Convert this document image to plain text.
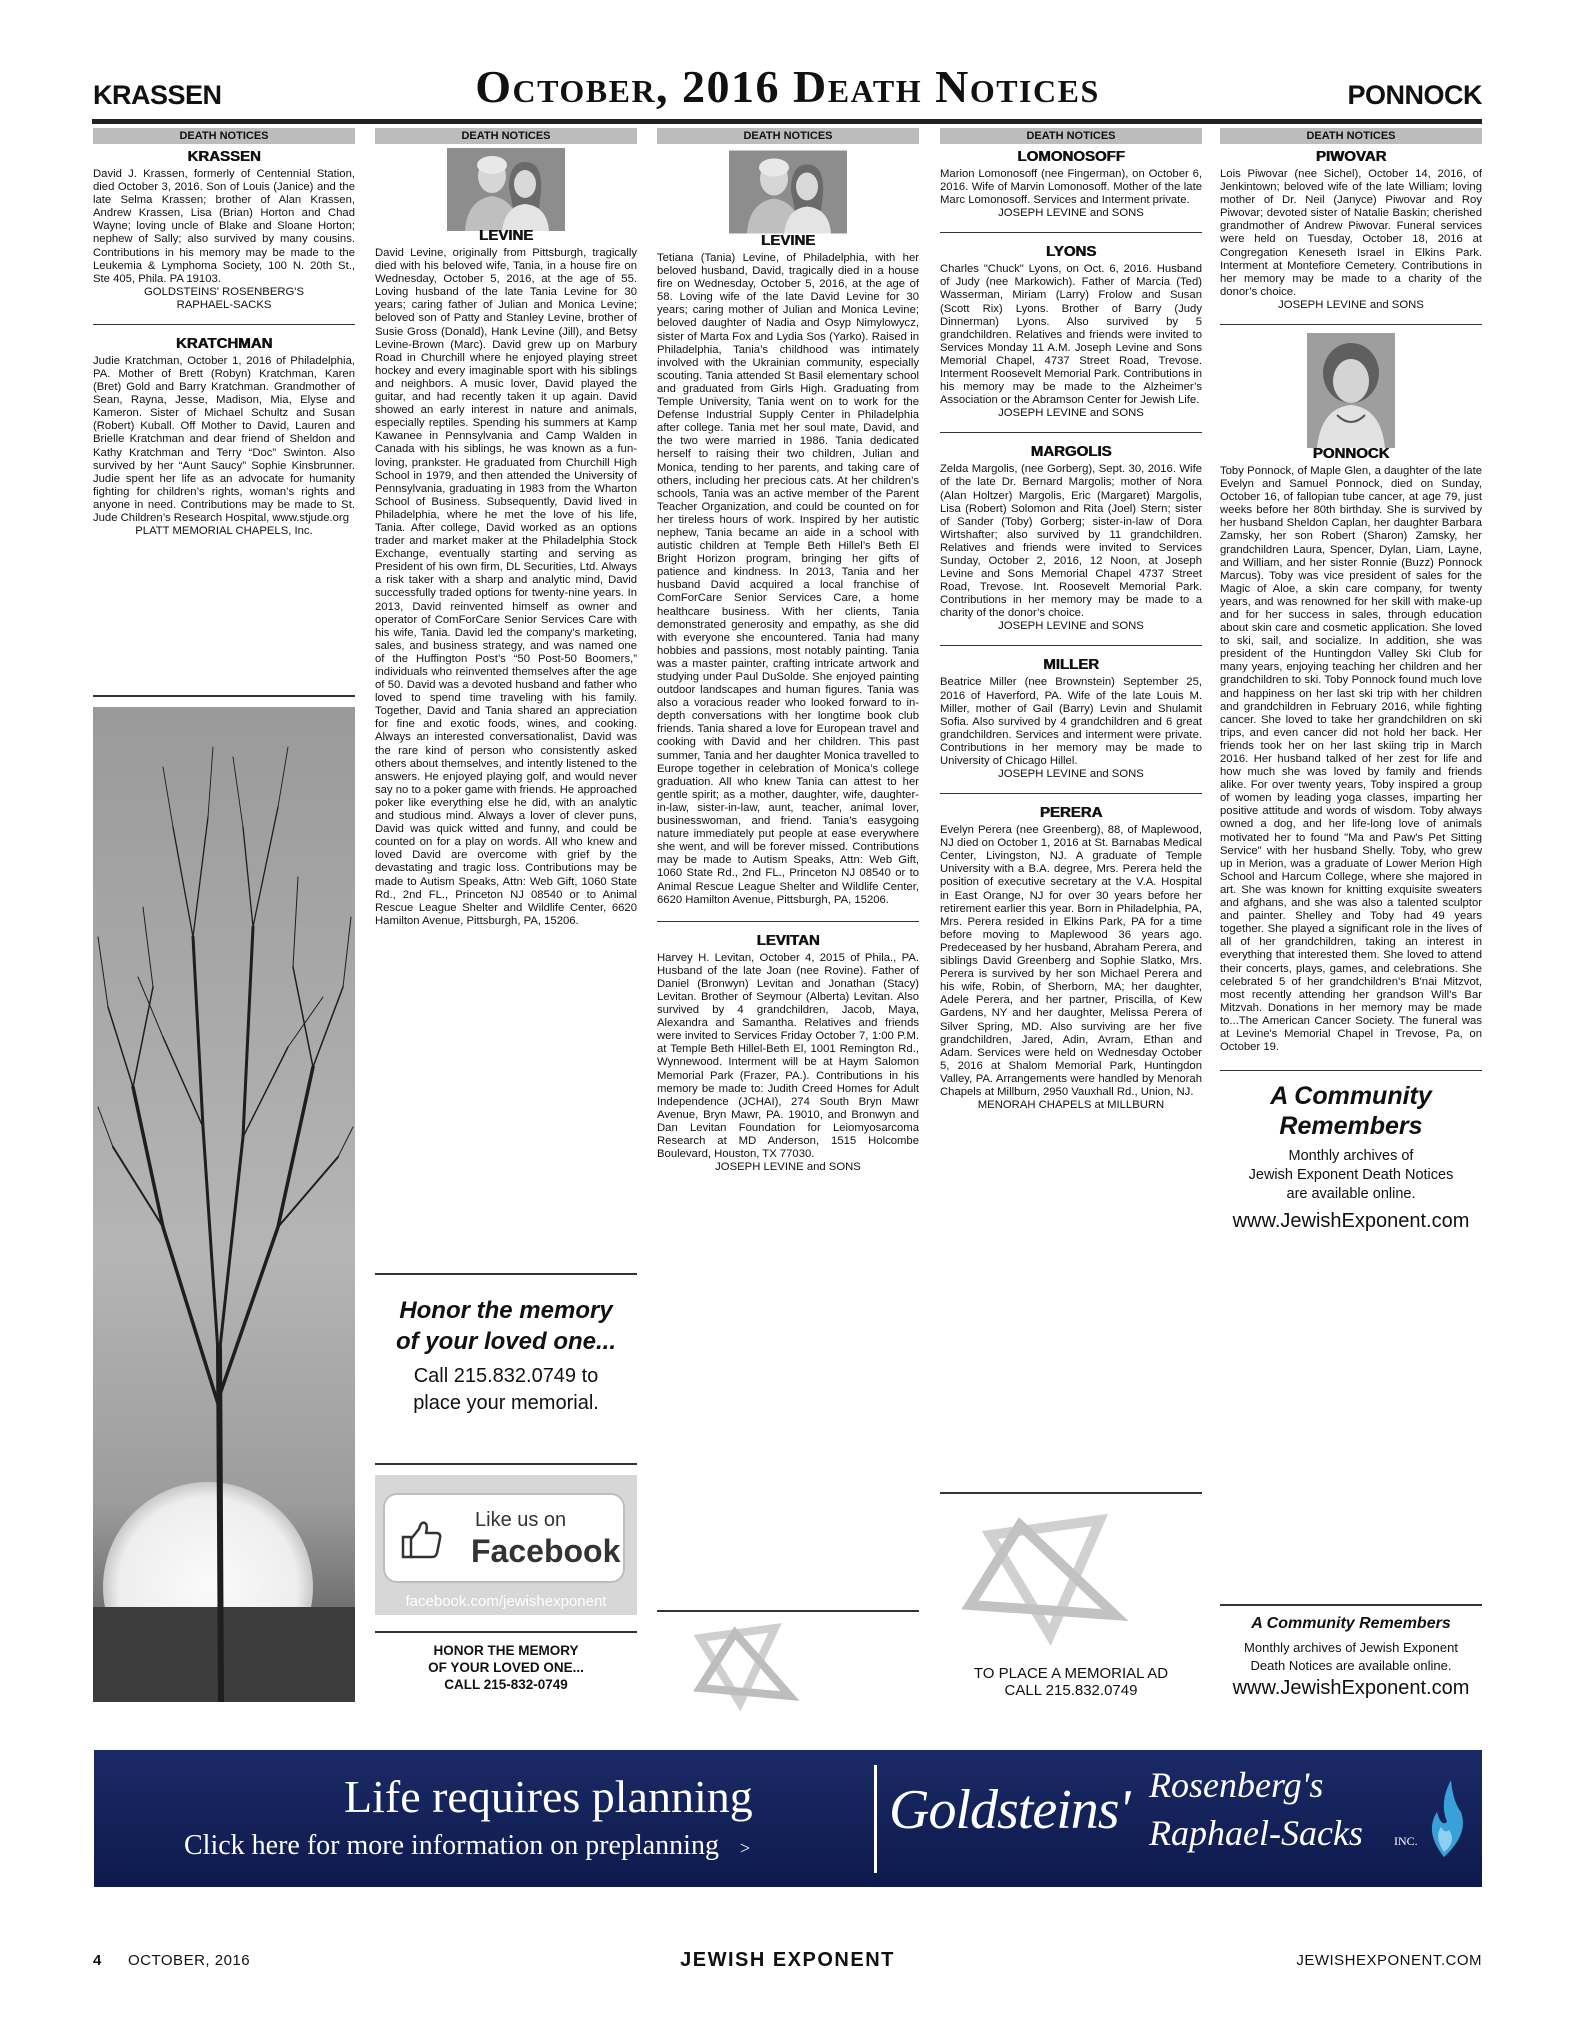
KRASSEN	October, 2016 Death Notices	PONNOCK
DEATH NOTICES
KRASSEN
David J. Krassen, formerly of Centennial Station, died October 3, 2016. Son of Louis (Janice) and the late Selma Krassen; brother of Alan Krassen, Andrew Krassen, Lisa (Brian) Horton and Chad Wayne; loving uncle of Blake and Sloane Horton; nephew of Sally; also survived by many cousins. Contributions in his memory may be made to the Leukemia & Lymphoma Society, 100 N. 20th St., Ste 405, Phila. PA 19103.
GOLDSTEINS' ROSENBERG'S
RAPHAEL-SACKS
KRATCHMAN
Judie Kratchman, October 1, 2016 of Philadelphia, PA. Mother of Brett (Robyn) Kratchman, Karen (Bret) Gold and Barry Kratchman. Grandmother of Sean, Rayna, Jesse, Madison, Mia, Elyse and Kameron. Sister of Michael Schultz and Susan (Robert) Kuball. Off Mother to David, Lauren and Brielle Kratchman and dear friend of Sheldon and Kathy Kratchman and Terry “Doc” Swinton. Also survived by her “Aunt Saucy” Sophie Kinsbrunner. Judie spent her life as an advocate for humanity fighting for children’s rights, woman’s rights and anyone in need. Contributions may be made to St. Jude Children’s Research Hospital, www.stjude.org
PLATT MEMORIAL CHAPELS, Inc.
DEATH NOTICES
LEVINE
David Levine, originally from Pittsburgh, tragically died with his beloved wife, Tania, in a house fire on Wednesday, October 5, 2016, at the age of 55. Loving husband of the late Tania Levine for 30 years; caring father of Julian and Monica Levine; beloved son of Patty and Stanley Levine, brother of Susie Gross (Donald), Hank Levine (Jill), and Betsy Levine-Brown (Marc). David grew up on Marbury Road in Churchill where he enjoyed playing street hockey and every imaginable sport with his siblings and neighbors. A music lover, David played the guitar, and had recently taken it up again. David showed an early interest in nature and animals, especially reptiles. Spending his summers at Kamp Kawanee in Pennsylvania and Camp Walden in Canada with his siblings, he was known as a fun-loving, prankster. He graduated from Churchill High School in 1979, and then attended the University of Pennsylvania, graduating in 1983 from the Wharton School of Business. Subsequently, David lived in Philadelphia, where he met the love of his life, Tania. After college, David worked as an options trader and market maker at the Philadelphia Stock Exchange, eventually starting and serving as President of his own firm, DL Securities, Ltd. Always a risk taker with a sharp and analytic mind, David successfully traded options for twenty-nine years. In 2013, David reinvented himself as owner and operator of ComForCare Senior Services Care with his wife, Tania. David led the company’s marketing, sales, and business strategy, and was named one of the Huffington Post’s “50 Post-50 Boomers,” individuals who reinvented themselves after the age of 50. David was a devoted husband and father who loved to spend time traveling with his family. Together, David and Tania shared an appreciation for fine and exotic foods, wines, and cooking. Always an interested conversationalist, David was the rare kind of person who consistently asked others about themselves, and intently listened to the answers. He enjoyed playing golf, and would never say no to a poker game with friends. He approached poker like everything else he did, with an analytic and studious mind. Always a lover of clever puns, David was quick witted and funny, and could be counted on for a play on words. All who knew and loved David are overcome with grief by the devastating and tragic loss. Contributions may be made to Autism Speaks, Attn: Web Gift, 1060 State Rd., 2nd FL., Princeton NJ 08540 or to Animal Rescue League Shelter and Wildlife Center, 6620 Hamilton Avenue, Pittsburgh, PA, 15206.
Honor the memory
of your loved one...
Call 215.832.0749 to
place your memorial.
Like us on
Facebook
facebook.com/jewishexponent
HONOR THE MEMORY
OF YOUR LOVED ONE...
CALL 215-832-0749
DEATH NOTICES
LEVINE
Tetiana (Tania) Levine, of Philadelphia, with her beloved husband, David, tragically died in a house fire on Wednesday, October 5, 2016, at the age of 58. Loving wife of the late David Levine for 30 years; caring mother of Julian and Monica Levine; beloved daughter of Nadia and Osyp Nimylowycz, sister of Marta Fox and Lydia Sos (Yarko). Raised in Philadelphia, Tania’s childhood was intimately involved with the Ukrainian community, especially scouting. Tania attended St Basil elementary school and graduated from Girls High. Graduating from Temple University, Tania went on to work for the Defense Industrial Supply Center in Philadelphia after college. Tania met her soul mate, David, and the two were married in 1986. Tania dedicated herself to raising their two children, Julian and Monica, tending to her parents, and taking care of others, including her precious cats. At her children’s schools, Tania was an active member of the Parent Teacher Organization, and could be counted on for her tireless hours of work. Inspired by her autistic nephew, Tania became an aide in a school with autistic children at Temple Beth Hillel’s Beth El Bright Horizon program, bringing her gifts of patience and kindness. In 2013, Tania and her husband David acquired a local franchise of ComForCare Senior Services Care, a home healthcare business. With her clients, Tania demonstrated generosity and empathy, as she did with everyone she encountered. Tania had many hobbies and passions, most notably painting. Tania was a master painter, crafting intricate artwork and studying under Paul DuSolde. She enjoyed painting outdoor landscapes and human figures. Tania was also a voracious reader who looked forward to in-depth conversations with her longtime book club friends. Tania shared a love for European travel and cooking with David and her children. This past summer, Tania and her daughter Monica travelled to Europe together in celebration of Monica’s college graduation. All who knew Tania can attest to her gentle spirit; as a mother, daughter, wife, daughter-in-law, sister-in-law, aunt, teacher, animal lover, businesswoman, and friend. Tania’s easygoing nature immediately put people at ease everywhere she went, and will be forever missed. Contributions may be made to Autism Speaks, Attn: Web Gift, 1060 State Rd., 2nd FL., Princeton NJ 08540 or to Animal Rescue League Shelter and Wildlife Center, 6620 Hamilton Avenue, Pittsburgh, PA, 15206.
LEVITAN
Harvey H. Levitan, October 4, 2015 of Phila., PA. Husband of the late Joan (nee Rovine). Father of Daniel (Bronwyn) Levitan and Jonathan (Stacy) Levitan. Brother of Seymour (Alberta) Levitan. Also survived by 4 grandchildren, Jacob, Maya, Alexandra and Samantha. Relatives and friends were invited to Services Friday October 7, 1:00 P.M. at Temple Beth Hillel-Beth El, 1001 Remington Rd., Wynnewood. Interment will be at Haym Salomon Memorial Park (Frazer, PA.). Contributions in his memory be made to: Judith Creed Homes for Adult Independence (JCHAI), 274 South Bryn Mawr Avenue, Bryn Mawr, PA. 19010, and Bronwyn and Dan Levitan Foundation for Leiomyosarcoma Research at MD Anderson, 1515 Holcombe Boulevard, Houston, TX 77030.
JOSEPH LEVINE and SONS
DEATH NOTICES
LOMONOSOFF
Marion Lomonosoff (nee Fingerman), on October 6, 2016. Wife of Marvin Lomonosoff. Mother of the late Marc Lomonosoff. Services and Interment private.
JOSEPH LEVINE and SONS
LYONS
Charles "Chuck" Lyons, on Oct. 6, 2016. Husband of Judy (nee Markowich). Father of Marcia (Ted) Wasserman, Miriam (Larry) Frolow and Susan (Scott Rix) Lyons. Brother of Barry (Judy Dinnerman) Lyons. Also survived by 5 grandchildren. Relatives and friends were invited to Services Monday 11 A.M. Joseph Levine and Sons Memorial Chapel, 4737 Street Road, Trevose. Interment Roosevelt Memorial Park. Contributions in his memory may be made to the Alzheimer’s Association or the Abramson Center for Jewish Life.
JOSEPH LEVINE and SONS
MARGOLIS
Zelda Margolis, (nee Gorberg), Sept. 30, 2016. Wife of the late Dr. Bernard Margolis; mother of Nora (Alan Holtzer) Margolis, Eric (Margaret) Margolis, Lisa (Robert) Solomon and Rita (Joel) Stern; sister of Sander (Toby) Gorberg; sister-in-law of Dora Wirtshafter; also survived by 11 grandchildren. Relatives and friends were invited to Services Sunday, October 2, 2016, 12 Noon, at Joseph Levine and Sons Memorial Chapel 4737 Street Road, Trevose. Int. Roosevelt Memorial Park. Contributions in her memory may be made to a charity of the donor’s choice.
JOSEPH LEVINE and SONS
MILLER
Beatrice Miller (nee Brownstein) September 25, 2016 of Haverford, PA. Wife of the late Louis M. Miller, mother of Gail (Barry) Levin and Shulamit Sofia. Also survived by 4 grandchildren and 6 great grandchildren. Services and interment were private. Contributions in her memory may be made to University of Chicago Hillel.
JOSEPH LEVINE and SONS
PERERA
Evelyn Perera (nee Greenberg), 88, of Maplewood, NJ died on October 1, 2016 at St. Barnabas Medical Center, Livingston, NJ. A graduate of Temple University with a B.A. degree, Mrs. Perera held the position of executive secretary at the V.A. Hospital in East Orange, NJ for over 30 years before her retirement earlier this year. Born in Philadelphia, PA, Mrs. Perera resided in Elkins Park, PA for a time before moving to Maplewood 36 years ago. Predeceased by her husband, Abraham Perera, and siblings David Greenberg and Sophie Slatko, Mrs. Perera is survived by her son Michael Perera and his wife, Robin, of Sherborn, MA; her daughter, Adele Perera, and her partner, Priscilla, of Kew Gardens, NY and her daughter, Melissa Perera of Silver Spring, MD. Also surviving are her five grandchildren, Jared, Adin, Avram, Ethan and Adam. Services were held on Wednesday October 5, 2016 at Shalom Memorial Park, Huntingdon Valley, PA. Arrangements were handled by Menorah Chapels at Millburn, 2950 Vauxhall Rd., Union, NJ.
MENORAH CHAPELS at MILLBURN
TO PLACE A MEMORIAL AD
CALL 215.832.0749
DEATH NOTICES
PIWOVAR
Lois Piwovar (nee Sichel), October 14, 2016, of Jenkintown; beloved wife of the late William; loving mother of Dr. Neil (Janyce) Piwovar and Roy Piwovar; devoted sister of Natalie Baskin; cherished grandmother of Andrew Piwovar. Funeral services were held on Tuesday, October 18, 2016 at Congregation Keneseth Israel in Elkins Park. Interment at Montefiore Cemetery. Contributions in her memory may be made to a charity of the donor’s choice.
JOSEPH LEVINE and SONS
PONNOCK
Toby Ponnock, of Maple Glen, a daughter of the late Evelyn and Samuel Ponnock, died on Sunday, October 16, of fallopian tube cancer, at age 79, just weeks before her 80th birthday. She is survived by her husband Sheldon Caplan, her daughter Barbara Zamsky, her son Robert (Sharon) Zamsky, her grandchildren Laura, Spencer, Dylan, Liam, Layne, and William, and her sister Ronnie (Buzz) Ponnock Marcus). Toby was vice president of sales for the Magic of Aloe, a skin care company, for twenty years, and was renowned for her skill with make-up and for her success in sales, through education about skin care and cosmetic application. She loved to ski, sail, and socialize. In addition, she was president of the Huntingdon Valley Ski Club for many years, enjoying teaching her children and her grandchildren to ski. Toby Ponnock found much love and happiness on her last ski trip with her children and grandchildren in February 2016, while fighting cancer. She loved to take her grandchildren on ski trips, and even cancer did not hold her back. Her friends took her on her last skiing trip in March 2016. Her husband talked of her zest for life and how much she was loved by family and friends alike. For over twenty years, Toby inspired a group of women by leading yoga classes, imparting her positive attitude and words of wisdom. Toby always owned a dog, and her life-long love of animals motivated her to found "Ma and Paw's Pet Sitting Service" with her husband Shelly. Toby, who grew up in Merion, was a graduate of Lower Merion High School and Harcum College, where she majored in art. She was known for knitting exquisite sweaters and afghans, and she was also a talented sculptor and painter. Shelley and Toby had 49 years together. She played a significant role in the lives of all of her grandchildren, taking an interest in everything that interested them. She loved to attend their concerts, plays, games, and celebrations. She celebrated 5 of her grandchildren's B'nai Mitzvot, most recently attending her grandson Will's Bar Mitzvah. Donations in her memory may be made to...The American Cancer Society. The funeral was at Levine's Memorial Chapel in Trevose, Pa, on October 19.
A Community
Remembers
Monthly archives of
Jewish Exponent Death Notices
are available online.
www.JewishExponent.com
A Community Remembers
Monthly archives of Jewish Exponent
Death Notices are available online.
www.JewishExponent.com
Life requires planning
Click here for more information on preplanning >
Goldsteins' Rosenberg's
Raphael-Sacks	INC.
4 OCTOBER, 2016	JEWISH EXPONENT	JEWISHEXPONENT.COM
